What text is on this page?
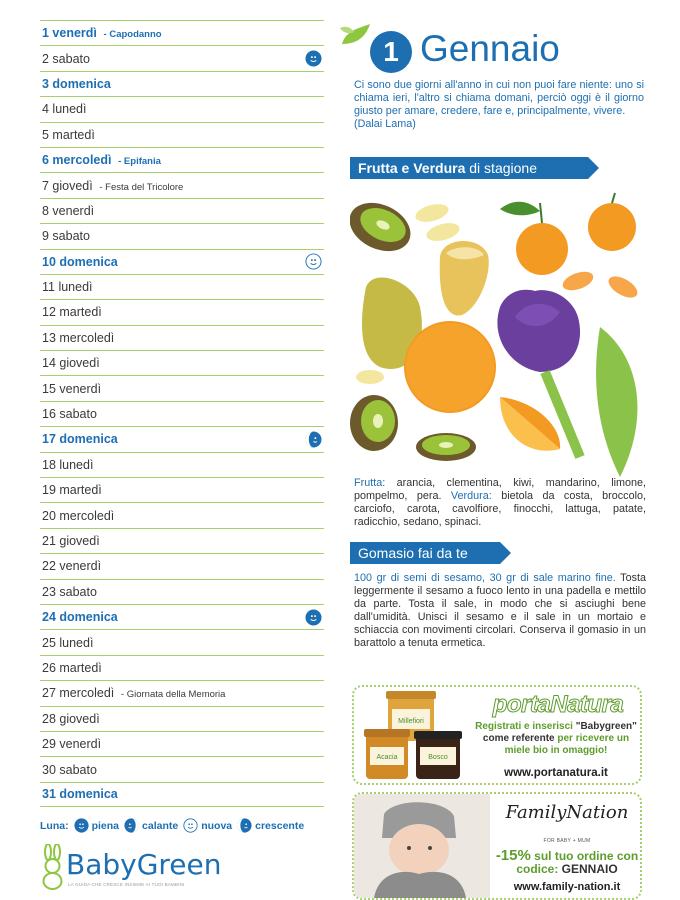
1 venerdì - Capodanno
2 sabato
3 domenica
4 lunedì
5 martedì
6 mercoledì - Epifania
7 giovedì - Festa del Tricolore
8 venerdì
9 sabato
10 domenica
11 lunedì
12 martedì
13 mercoledì
14 giovedì
15 venerdì
16 sabato
17 domenica
18 lunedì
19 martedì
20 mercoledì
21 giovedì
22 venerdì
23 sabato
24 domenica
25 lunedì
26 martedì
27 mercoledì - Giornata della Memoria
28 giovedì
29 venerdì
30 sabato
31 domenica
Luna: piena calante nuova crescente
BabyGreen
LA GUIDA CHE CRESCE INSIEME AI TUOI BAMBINI
1 Gennaio
Ci sono due giorni all'anno in cui non puoi fare niente: uno si chiama ieri, l'altro si chiama domani, perciò oggi è il giorno giusto per amare, credere, fare e, principalmente, vivere.
(Dalai Lama)
Frutta e Verdura di stagione
Frutta: arancia, clementina, kiwi, mandarino, limone, pompelmo, pera. Verdura: bietola da costa, broccolo, carciofo, carota, cavolfiore, finocchi, lattuga, patate, radicchio, sedano, spinaci.
Gomasio fai da te
100 gr di semi di sesamo, 30 gr di sale marino fine. Tosta leggermente il sesamo a fuoco lento in una padella e mettilo da parte. Tosta il sale, in modo che si asciughi bene dall'umidità. Unisci il sesamo e il sale in un mortaio e schiaccia con movimenti circolari. Conserva il gomasio in un barattolo a tenuta ermetica.
Millefiori
Acacia	Bosco
portaNatura
Registrati e inserisci "Babygreen" come referente per ricevere un miele bio in omaggio!
www.portanatura.it
FamilyNation
FOR BABY + MUM
-15% sul tuo ordine con codice: GENNAIO
www.family-nation.it
